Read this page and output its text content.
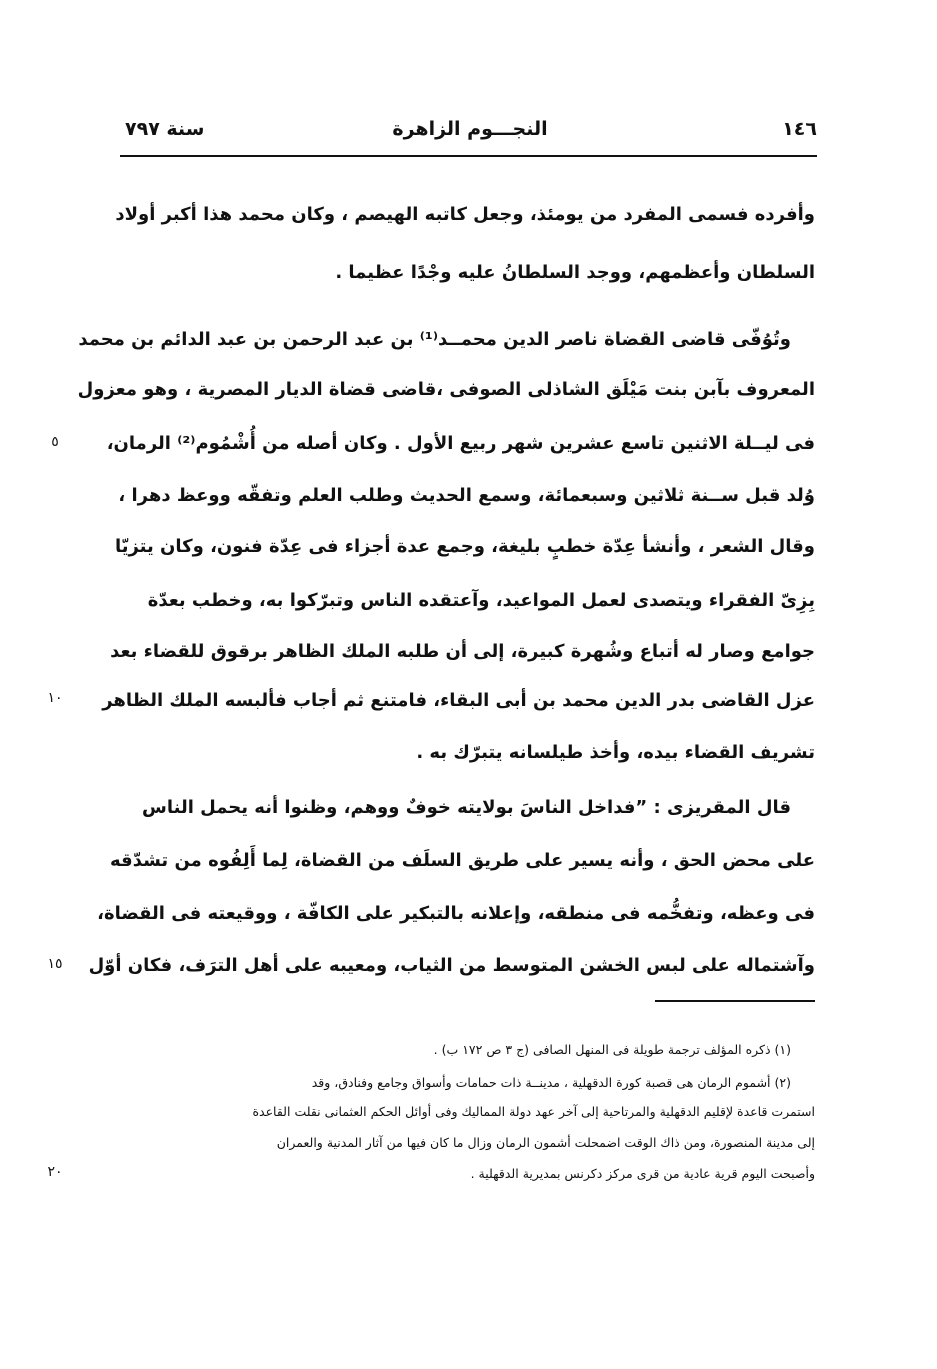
١٤٦
النجـــوم الزاهرة
سنة ٧٩٧
وأفرده فسمى المفرد من يومئذ، وجعل كاتبه الهيصم ، وكان محمد هذا أكبر أولاد
السلطان وأعظمهم، ووجد السلطانُ عليه وجْدًا عظيما .
وتُوُفّى قاضى القضاة ناصر الدين محمــد⁽¹⁾ بن عبد الرحمن بن عبد الدائم بن محمد
المعروف بآبن بنت مَيْلَق الشاذلى الصوفى ،قاضى قضاة الديار المصرية ، وهو معزول
فى ليــلة الاثنين تاسع عشرين شهر ربيع الأول . وكان أصله من أُشْمُوم⁽²⁾ الرمان،
وُلد قبل ســنة ثلاثين وسبعمائة، وسمع الحديث وطلب العلم وتفقّه ووعظ دهرا ،
وقال الشعر ، وأنشأ عِدّة خطبٍ بليغة، وجمع عدة أجزاء فى عِدّة فنون، وكان يتزيّا
بِزِىّ الفقراء ويتصدى لعمل المواعيد، وآعتقده الناس وتبرّكوا به، وخطب بعدّة
جوامع وصار له أتباع وشُهرة كبيرة، إلى أن طلبه الملك الظاهر برقوق للقضاء بعد
عزل القاضى بدر الدين محمد بن أبى البقاء، فامتنع ثم أجاب فألبسه الملك الظاهر
تشريف القضاء بيده، وأخذ طيلسانه يتبرّك به .
قال المقريزى : ”فداخل الناسَ بولايته خوفٌ ووهم، وظنوا أنه يحمل الناس
على محض الحق ، وأنه يسير على طريق السلَف من القضاة، لِما أَلِفُوه من تشدّقه
فى وعظه، وتفخُّمه فى منطقه، وإعلانه بالتبكير على الكافّة ، ووقيعته فى القضاة،
وآشتماله على لبس الخشن المتوسط من الثياب، ومعيبه على أهل الترَف، فكان أوّل
(١) ذكره المؤلف ترجمة طويلة فى المنهل الصافى (ج ٣ ص ١٧٢ ب) .
(٢) أشموم الرمان هى قصبة كورة الدقهلية ، مدينــة ذات حمامات وأسواق وجامع وفنادق، وقد
استمرت قاعدة لإقليم الدقهلية والمرتاحية إلى آخر عهد دولة المماليك وفى أوائل الحكم العثمانى نقلت القاعدة
إلى مدينة المنصورة، ومن ذاك الوقت اضمحلت أشمون الرمان وزال ما كان فيها من آثار المدنية والعمران
وأصبحت اليوم قرية عادية من قرى مركز دكرنس بمديرية الدقهلية .
٥
١٠
١٥
٢٠
